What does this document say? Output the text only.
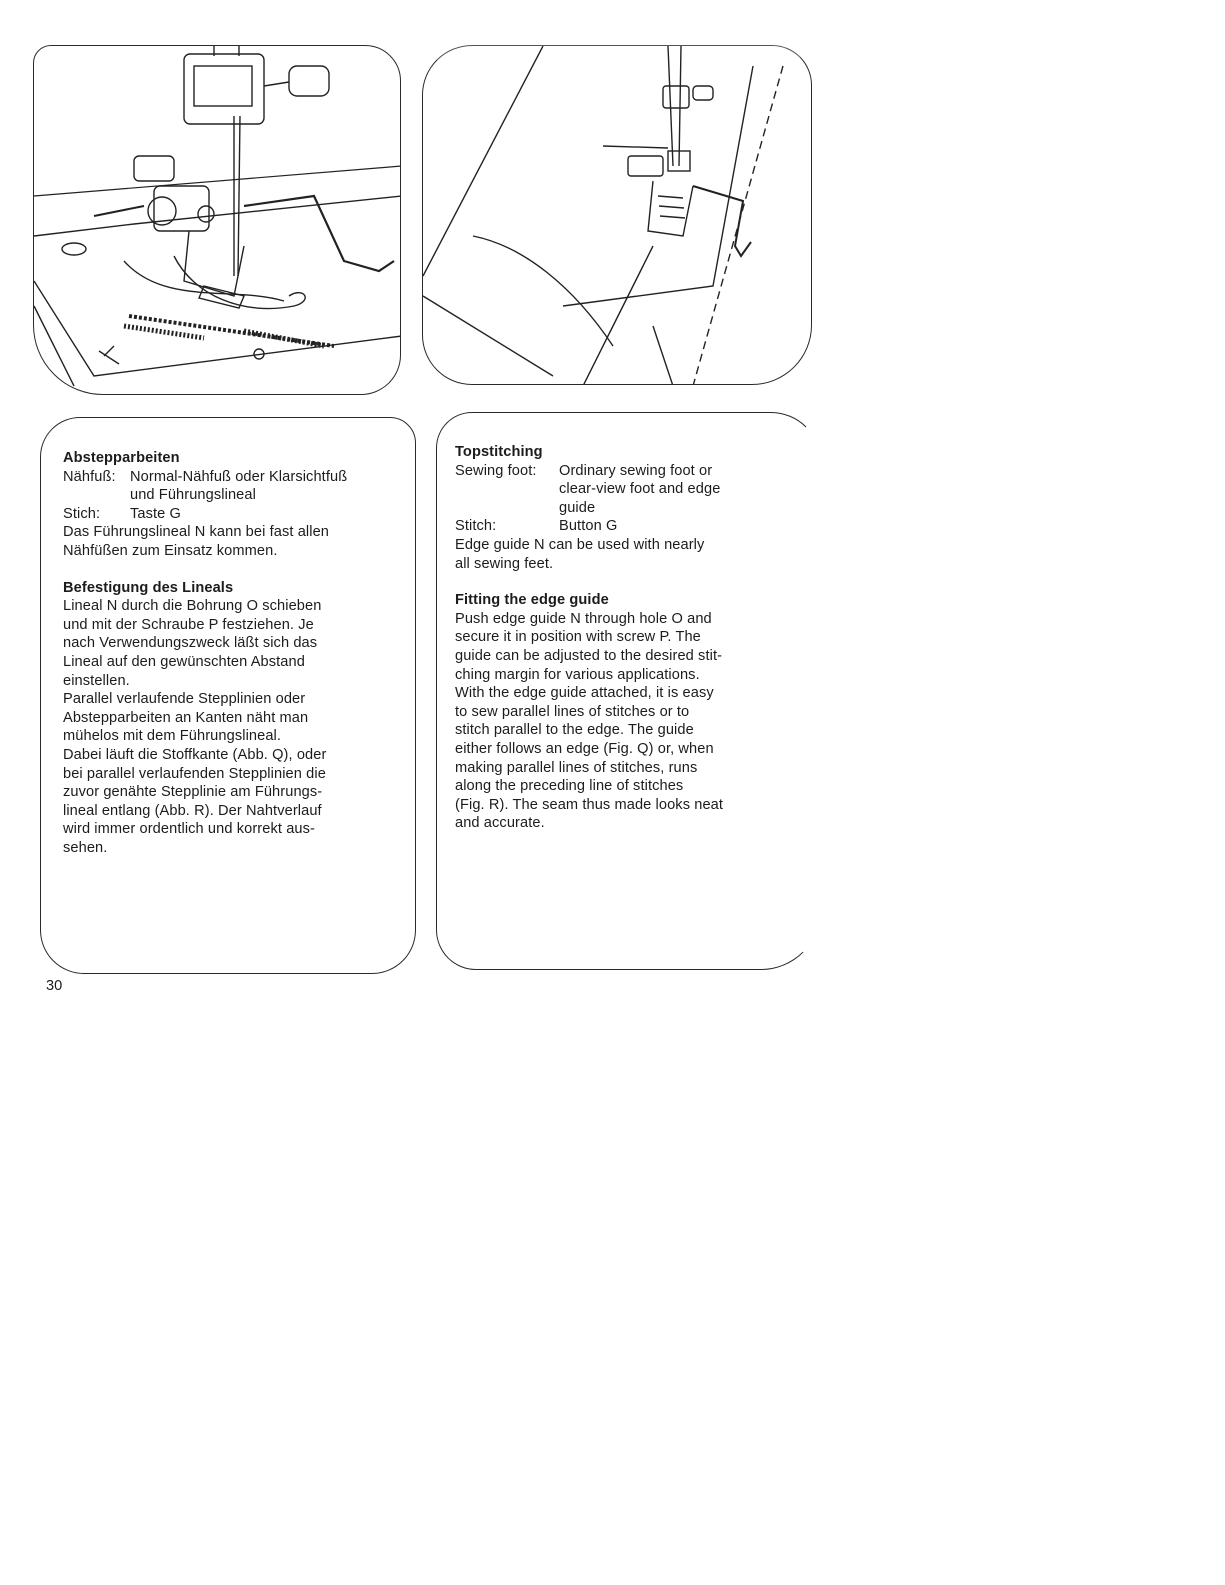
Abstepparbeiten

Nähfuß: Normal-Nähfuß oder Klarsichtfuß

und Führungslineal

Stich:	Taste G

Das Führungslineal N kann bei fast allen

Nähfüßen zum Einsatz kommen.

Befestigung des Lineals

Lineal N durch die Bohrung O schieben

und mit der Schraube P festziehen. Je

nach Verwendungszweck läßt sich das

Lineal auf den gewünschten Abstand

einstellen.

Parallel verlaufende Stepplinien oder

Abstepparbeiten an Kanten näht man

mühelos mit dem Führungslineal.

Dabei läuft die Stoffkante (Abb. Q), oder

bei parallel verlaufenden Stepplinien die

zuvor genähte Stepplinie am Führungs-

lineal entlang (Abb. R). Der Nahtverlauf

wird immer ordentlich und korrekt aus-

sehen.

Topstitching

Sewing foot:	Ordinary sewing foot or

clear-view foot and edge

guide

Stitch:	Button G

Edge guide N can be used with nearly

all sewing feet.

Fitting the edge guide

Push edge guide N through hole O and

secure it in position with screw P. The

guide can be adjusted to the desired stit-

ching margin for various applications.

With the edge guide attached, it is easy

to sew parallel lines of stitches or to

stitch parallel to the edge. The guide

either follows an edge (Fig. Q) or, when

making parallel lines of stitches, runs

along the preceding line of stitches

(Fig. R). The seam thus made looks neat

and accurate.

30
